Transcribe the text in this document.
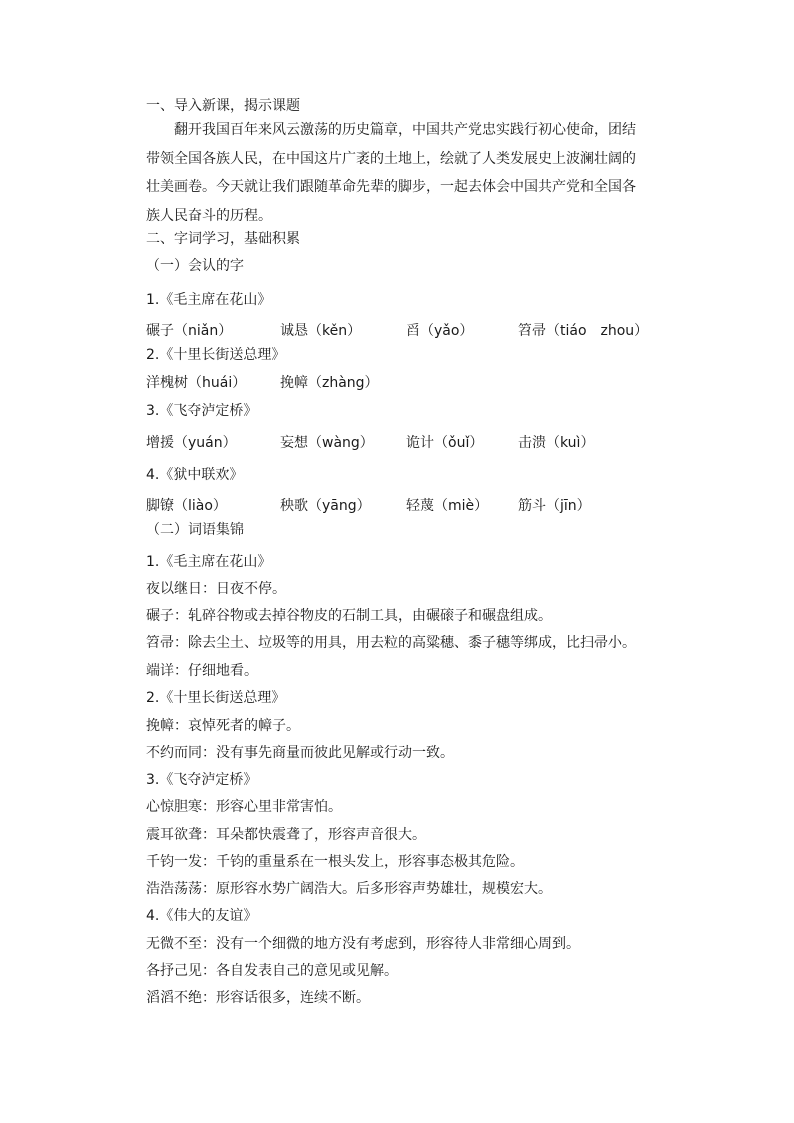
一、导入新课，揭示课题
翻开我国百年来风云激荡的历史篇章，中国共产党忠实践行初心使命，团结带领全国各族人民，在中国这片广袤的土地上，绘就了人类发展史上波澜壮阔的壮美画卷。今天就让我们跟随革命先辈的脚步，一起去体会中国共产党和全国各族人民奋斗的历程。
二、字词学习，基础积累
（一）会认的字
1.《毛主席在花山》
碾子（niǎn）	诚恳（kěn）	舀（yǎo）	笤帚（tiáo　zhou）
2.《十里长街送总理》
洋槐树（huái） 挽幛（zhàng）
3.《飞夺泸定桥》
增援（yuán）	妄想（wàng） 诡计（ǒuǐ） 击溃（kuì）
4.《狱中联欢》
脚镣（liào）	秧歌（yāng）	轻蔑（miè） 筋斗（jīn）
（二）词语集锦
1.《毛主席在花山》
夜以继日：日夜不停。
碾子：轧碎谷物或去掉谷物皮的石制工具，由碾磙子和碾盘组成。
笤帚：除去尘土、垃圾等的用具，用去粒的高粱穗、黍子穗等绑成，比扫帚小。
端详：仔细地看。
2.《十里长街送总理》
挽幛：哀悼死者的幛子。
不约而同：没有事先商量而彼此见解或行动一致。
3.《飞夺泸定桥》
心惊胆寒：形容心里非常害怕。
震耳欲聋：耳朵都快震聋了，形容声音很大。
千钧一发：千钧的重量系在一根头发上，形容事态极其危险。
浩浩荡荡：原形容水势广阔浩大。后多形容声势雄壮，规模宏大。
4.《伟大的友谊》
无微不至：没有一个细微的地方没有考虑到，形容待人非常细心周到。
各抒己见：各自发表自己的意见或见解。
滔滔不绝：形容话很多，连续不断。
